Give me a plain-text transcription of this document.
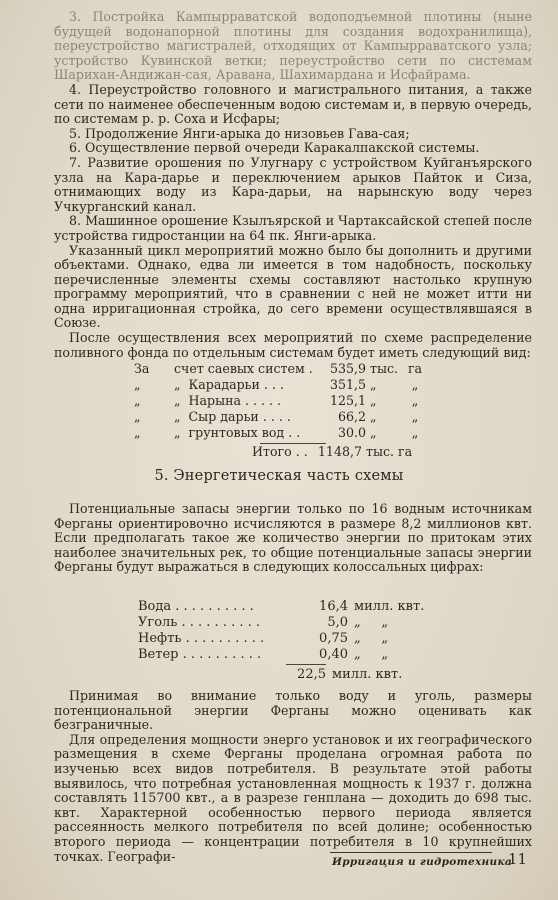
3. Постройка Кампырраватской водоподъемной плотины (ныне будущей водонапорной плотины для создания водохранилища), переустройство магистралей, отходящих от Кампырраватского узла; устройство Кувинской ветки; переустройство сети по системам Шарихан-Андижан-сая, Аравана, Шахимардана и Исфайрама.

4. Переустройство головного и магистрального питания, а также сети по наименее обеспеченным водою системам и, в первую очередь, по системам р. р. Соха и Исфары;

5. Продолжение Янги-арыка до низовьев Гава-сая;

6. Осуществление первой очереди Каракалпакской системы.

7. Развитие орошения по Улугнару с устройством Куйганъярского узла на Кара-дарье и переключением арыков Пайток и Сиза, отнимающих воду из Кара-дарьи, на нарынскую воду через Учкурганский канал.

8. Машинное орошение Кзылъярской и Чартаксайской степей после устройства гидростанции на 64 пк. Янги-арыка.

Указанный цикл мероприятий можно было бы дополнить и другими объектами. Однако, едва ли имеется в том надобность, поскольку перечисленные элементы схемы составляют настолько крупную программу мероприятий, что в сравнении с ней не может итти ни одна ирригационная стройка, до сего времени осуществлявшаяся в Союзе.

После осуществления всех мероприятий по схеме распределение поливного фонда по отдельным системам будет иметь следующий вид:

За	счет саевых систем .	535,9 тыс. га
„	„  Карадарьи . . .	351,5 „	„
„	„  Нарына . . . . .	125,1 „	„
„	„  Сыр дарьи . . . .	66,2 „	„
„	„  грунтовых вод . .	30.0 „	„
Итого . . 1148,7 тыс. га
5. Энергетическая часть схемы

Потенциальные запасы энергии только по 16 водным источникам Ферганы ориентировочно исчисляются в размере 8,2 миллионов квт. Если предполагать такое же количество энергии по притокам этих наиболее значительных рек, то общие потенциальные запасы энергии Ферганы будут выражаться в следующих колоссальных цифрах:

Вода . . . . . . . . . .	16,4 милл. квт.
Уголь . . . . . . . . . .	5,0 „     „
Нефть . . . . . . . . . .	0,75 „     „
Ветер . . . . . . . . . .	0,40 „     „
22,5 милл. квт.

Принимая во внимание только воду и уголь, размеры потенциональной энергии Ферганы можно оценивать как безграничные.

Для определения мощности энерго установок и их географического размещения в схеме Ферганы проделана огромная работа по изученью всех видов потребителя. В результате этой работы выявилось, что потребная установленная мощность к 1937 г. должна составлять 115700 квт., а в разрезе генплана — доходить до 698 тыс. квт. Характерной особенностью первого периода является рассеянность мелкого потребителя по всей долине; особенностью второго периода — концентрации потребителя в 10 крупнейших точках. Географи-	Ирригация и гидротехника
11
